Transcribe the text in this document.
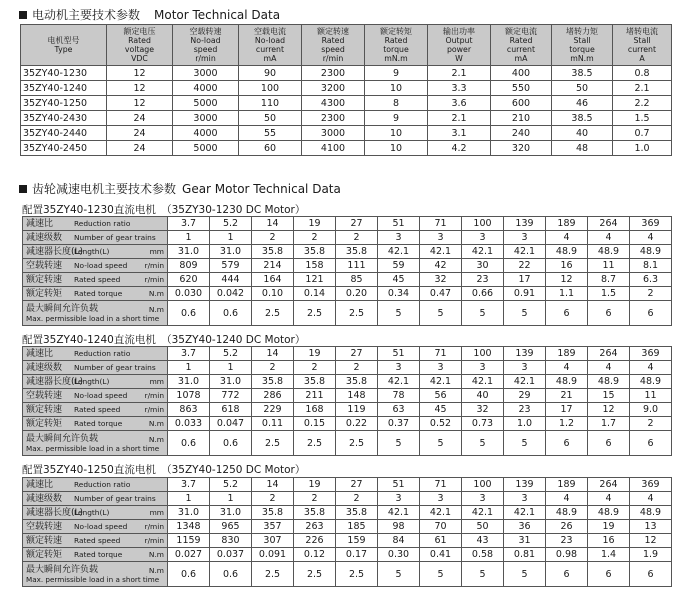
电动机主要技术参数 Motor Technical Data
电机型号
Type	额定电压
Rated
voltage
VDC	空载转速
No-load
speed
r/min	空载电流
No-load
current
mA	额定转速
Rated
speed
r/min	额定转矩
Rated
torque
mN.m	输出功率
Output
power
W	额定电流
Rated
current
mA	堵转力矩
Stall
torque
mN.m	堵转电流
Stall
current
A

35ZY40-1230	12	3000	90	2300	9	2.1	400	38.5	0.8
35ZY40-1240	12	4000	100	3200	10	3.3	550	50	2.1
35ZY40-1250	12	5000	110	4300	8	3.6	600	46	2.2
35ZY40-2430	24	3000	50	2300	9	2.1	210	38.5	1.5
35ZY40-2440	24	4000	55	3000	10	3.1	240	40	0.7
35ZY40-2450	24	5000	60	4100	10	4.2	320	48	1.0
齿轮减速电机主要技术参数 Gear Motor Technical Data
配置35ZY40-1230直流电机　（35ZY30-1230 DC Motor）
减速比 Reduction ratio	3.7	5.2	14	19	27	51	71	100	139	189	264	369
减速级数 Number of gear trains	1	1	2	2	2	3	3	3	3	4	4	4
减速器长度(L)Length(L) mm	31.0	31.0	35.8	35.8	35.8	42.1	42.1	42.1	42.1	48.9	48.9	48.9
空载转速 No-load speed r/min	809	579	214	158	111	59	42	30	22	16	11	8.1
额定转速 Rated speed r/min	620	444	164	121	85	45	32	23	17	12	8.7	6.3
额定转矩 Rated torque N.m	0.030	0.042	0.10	0.14	0.20	0.34	0.47	0.66	0.91	1.1	1.5	2

最大瞬间允许负载
Max. permissible load in a short time
N.m	0.6	0.6	2.5	2.5	2.5	5	5	5	5	6	6	6
配置35ZY40-1240直流电机　（35ZY40-1240 DC Motor）
减速比 Reduction ratio	3.7	5.2	14	19	27	51	71	100	139	189	264	369
减速级数 Number of gear trains	1	1	2	2	2	3	3	3	3	4	4	4
减速器长度(L)Length(L) mm	31.0	31.0	35.8	35.8	35.8	42.1	42.1	42.1	42.1	48.9	48.9	48.9
空载转速 No-load speed r/min	1078	772	286	211	148	78	56	40	29	21	15	11
额定转速 Rated speed r/min	863	618	229	168	119	63	45	32	23	17	12	9.0
额定转矩 Rated torque N.m	0.033	0.047	0.11	0.15	0.22	0.37	0.52	0.73	1.0	1.2	1.7	2

最大瞬间允许负载
Max. permissible load in a short time
N.m	0.6	0.6	2.5	2.5	2.5	5	5	5	5	6	6	6
配置35ZY40-1250直流电机　（35ZY40-1250 DC Motor）
减速比 Reduction ratio	3.7	5.2	14	19	27	51	71	100	139	189	264	369
减速级数 Number of gear trains	1	1	2	2	2	3	3	3	3	4	4	4
减速器长度(L)Length(L) mm	31.0	31.0	35.8	35.8	35.8	42.1	42.1	42.1	42.1	48.9	48.9	48.9
空载转速 No-load speed r/min	1348	965	357	263	185	98	70	50	36	26	19	13
额定转速 Rated speed r/min	1159	830	307	226	159	84	61	43	31	23	16	12
额定转矩 Rated torque N.m	0.027	0.037	0.091	0.12	0.17	0.30	0.41	0.58	0.81	0.98	1.4	1.9

最大瞬间允许负载
Max. permissible load in a short time
N.m	0.6	0.6	2.5	2.5	2.5	5	5	5	5	6	6	6
